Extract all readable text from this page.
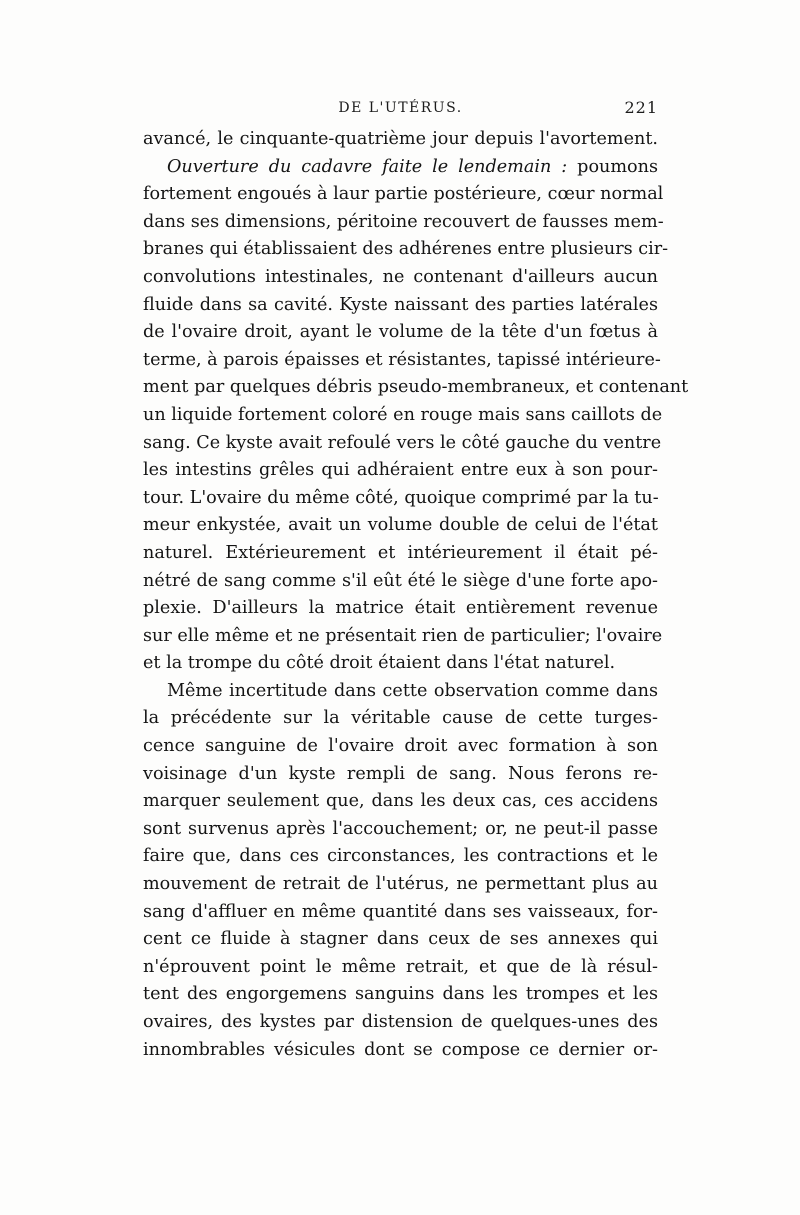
DE L'UTÉRUS.	221
avancé, le cinquante-quatrième jour depuis l'avortement.
Ouverture du cadavre faite le lendemain : poumons
fortement engoués à laur partie postérieure, cœur normal
dans ses dimensions, péritoine recouvert de fausses mem-
branes qui établissaient des adhérenes entre plusieurs cir-
convolutions intestinales, ne contenant d'ailleurs aucun
fluide dans sa cavité. Kyste naissant des parties latérales
de l'ovaire droit, ayant le volume de la tête d'un fœtus à
terme, à parois épaisses et résistantes, tapissé intérieure-
ment par quelques débris pseudo-membraneux, et contenant
un liquide fortement coloré en rouge mais sans caillots de
sang. Ce kyste avait refoulé vers le côté gauche du ventre
les intestins grêles qui adhéraient entre eux à son pour-
tour. L'ovaire du même côté, quoique comprimé par la tu-
meur enkystée, avait un volume double de celui de l'état
naturel. Extérieurement et intérieurement il était pé-
nétré de sang comme s'il eût été le siège d'une forte apo-
plexie. D'ailleurs la matrice était entièrement revenue
sur elle même et ne présentait rien de particulier; l'ovaire
et la trompe du côté droit étaient dans l'état naturel.
Même incertitude dans cette observation comme dans
la précédente sur la véritable cause de cette turges-
cence sanguine de l'ovaire droit avec formation à son
voisinage d'un kyste rempli de sang. Nous ferons re-
marquer seulement que, dans les deux cas, ces accidens
sont survenus après l'accouchement; or, ne peut-il passe
faire que, dans ces circonstances, les contractions et le
mouvement de retrait de l'utérus, ne permettant plus au
sang d'affluer en même quantité dans ses vaisseaux, for-
cent ce fluide à stagner dans ceux de ses annexes qui
n'éprouvent point le même retrait, et que de là résul-
tent des engorgemens sanguins dans les trompes et les
ovaires, des kystes par distension de quelques-unes des
innombrables vésicules dont se compose ce dernier or-
